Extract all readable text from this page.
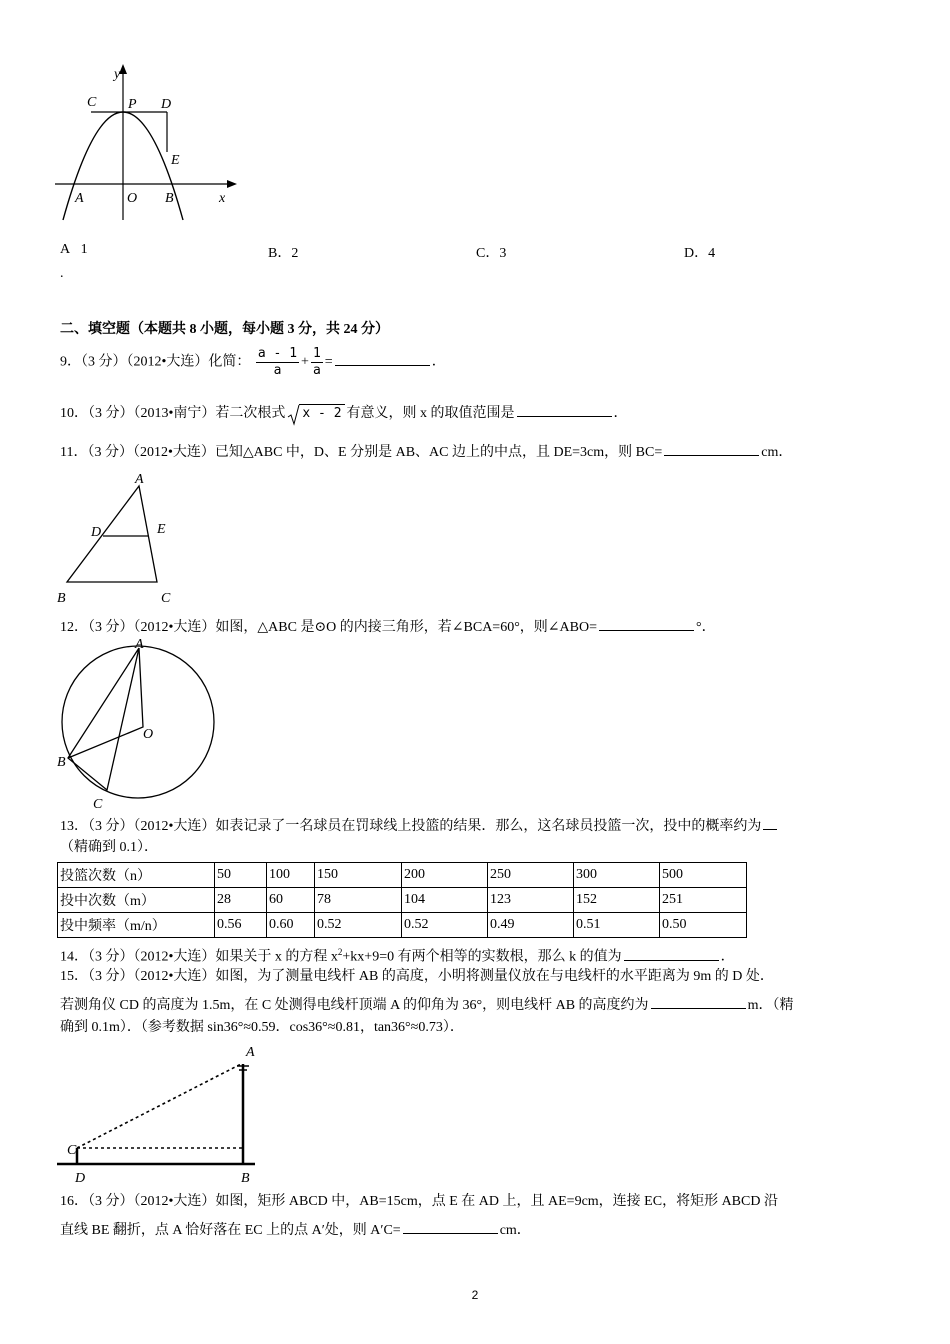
y
x
C P D
E
A	O B
A 1
.
B．2	C．3	D．4
二、填空题（本题共 8 小题，每小题 3 分，共 24 分）
9．（3 分）（2012•大连）化简： $\frac{a - 1}{a} + \frac{1}{a}$ =	．
10．（3 分）（2013•南宁）若二次根式 x - 2 有意义，则 x 的取值范围是	．
11．（3 分）（2012•大连）已知△ABC 中，D、E 分别是 AB、AC 边上的中点，且 DE=3cm，则 BC=	cm．
A
D	E
B	C
12．（3 分）（2012•大连）如图，△ABC 是⊙O 的内接三角形，若∠BCA=60°，则∠ABO=	°．
A
O
B
C
13．（3 分）（2012•大连）如表记录了一名球员在罚球线上投篮的结果．那么，这名球员投篮一次，投中的概率约为
（精确到 0.1）．
投篮次数（n）	50	100	150	200	250	300	500
投中次数（m）	28	60	78	104	123	152	251
投中频率（m/n）	0.56	0.60	0.52	0.52	0.49	0.51	0.50
14．（3 分）（2012•大连）如果关于 x 的方程 $x^2+kx+9=0$ 有两个相等的实数根，那么 k 的值为	．
15．（3 分）（2012•大连）如图，为了测量电线杆 AB 的高度，小明将测量仪放在与电线杆的水平距离为 9m 的 D 处．
若测角仪 CD 的高度为 1.5m，在 C 处测得电线杆顶端 A 的仰角为 36°，则电线杆 AB 的高度约为	m．（精
确到 0.1m）．（参考数据 sin36°≈0.59．cos36°≈0.81，tan36°≈0.73）．
A
C
D	B
16．（3 分）（2012•大连）如图，矩形 ABCD 中，AB=15cm，点 E 在 AD 上，且 AE=9cm，连接 EC，将矩形 ABCD 沿
直线 BE 翻折，点 A 恰好落在 EC 上的点 A′处，则 A′C=	cm．
2
